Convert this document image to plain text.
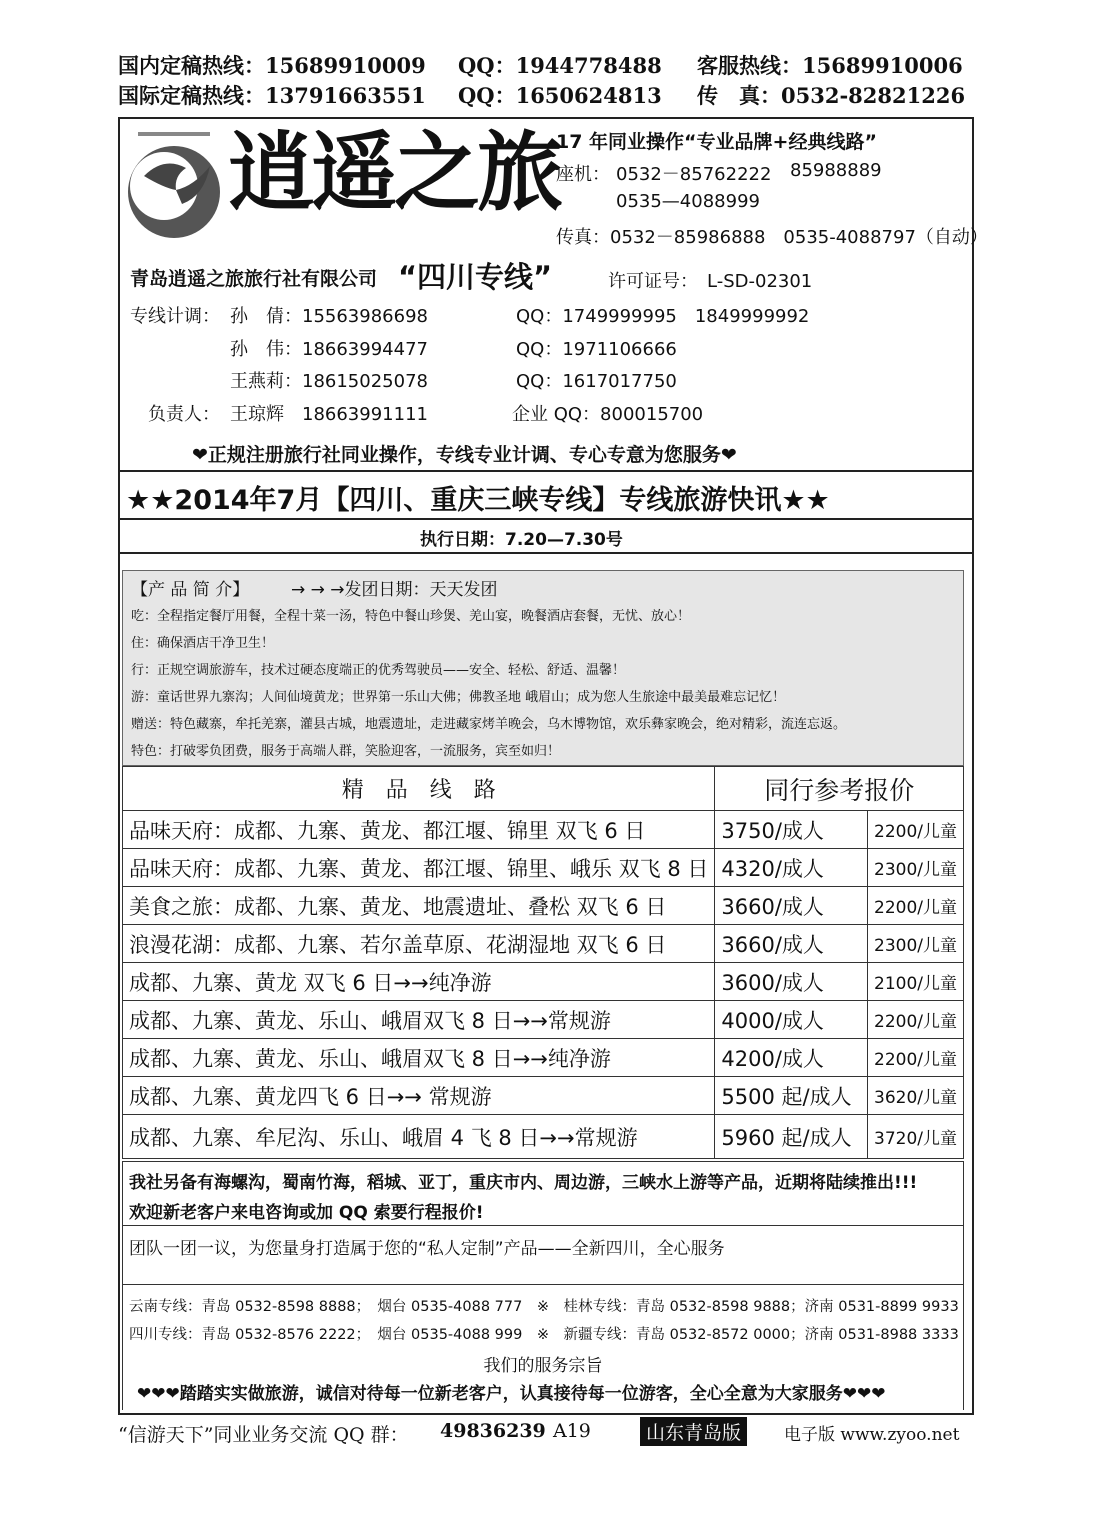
国内定稿热线：15689910009 QQ：1944778488 客服热线：15689910006
国际定稿热线：13791663551 QQ：1650624813 传　真：0532-82821226
逍遥之旅
17 年同业操作“专业品牌+经典线路”
座机： 0532－85762222 85988889
0535—4088999
传真：0532－85986888　0535-4088797（自动）
青岛逍遥之旅旅行社有限公司 “四川专线”	许可证号：　L-SD-02301
专线计调： 孙　倩：15563986698	QQ：1749999995　1849999992
孙　伟：18663994477	QQ：1971106666
王燕莉：18615025078	QQ：1617017750
负责人： 王琼辉　18663991111	企业 QQ：800015700
❤正规注册旅行社同业操作，专线专业计调、专心专意为您服务❤
★★2014年7月【四川、重庆三峡专线】专线旅游快讯★★
执行日期：7.20—7.30号
【产 品 简 介】 → → →发团日期：天天发团
吃：全程指定餐厅用餐，全程十菜一汤，特色中餐山珍煲、羌山宴，晚餐酒店套餐，无忧、放心！
住：确保酒店干净卫生！
行：正规空调旅游车，技术过硬态度端正的优秀驾驶员——安全、轻松、舒适、温馨！
游：童话世界九寨沟；人间仙境黄龙；世界第一乐山大佛；佛教圣地 峨眉山；成为您人生旅途中最美最难忘记忆！
赠送：特色藏寨，牟托羌寨，灌县古城，地震遗址，走进藏家烤羊晚会，乌木博物馆，欢乐彝家晚会，绝对精彩，流连忘返。
特色：打破零负团费，服务于高端人群，笑脸迎客，一流服务，宾至如归！
精　品　线　路	同行参考报价	
品味天府：成都、九寨、黄龙、都江堰、锦里 双飞 6 日	3750/成人	2200/儿童
品味天府：成都、九寨、黄龙、都江堰、锦里、峨乐 双飞 8 日	4320/成人	2300/儿童
美食之旅：成都、九寨、黄龙、地震遗址、叠松 双飞 6 日	3660/成人	2200/儿童
浪漫花湖：成都、九寨、若尔盖草原、花湖湿地 双飞 6 日	3660/成人	2300/儿童
成都、九寨、黄龙 双飞 6 日→→纯净游	3600/成人	2100/儿童
成都、九寨、黄龙、乐山、峨眉双飞 8 日→→常规游	4000/成人	2200/儿童
成都、九寨、黄龙、乐山、峨眉双飞 8 日→→纯净游	4200/成人	2200/儿童
成都、九寨、黄龙四飞 6 日→→ 常规游	5500 起/成人	3620/儿童
成都、九寨、牟尼沟、乐山、峨眉 4 飞 8 日→→常规游	5960 起/成人	3720/儿童
我社另备有海螺沟，蜀南竹海，稻城、亚丁，重庆市内、周边游，三峡水上游等产品，近期将陆续推出!!!
欢迎新老客户来电咨询或加 QQ 索要行程报价!
团队一团一议，为您量身打造属于您的“私人定制”产品——全新四川，全心服务
云南专线：青岛 0532-8598 8888；　烟台 0535-4088 777　※　桂林专线：青岛 0532-8598 9888；济南 0531-8899 9933
四川专线：青岛 0532-8576 2222；　烟台 0535-4088 999　※　新疆专线：青岛 0532-8572 0000；济南 0531-8988 3333
我们的服务宗旨
❤❤❤踏踏实实做旅游，诚信对待每一位新老客户，认真接待每一位游客，全心全意为大家服务❤❤❤
“信游天下”同业业务交流 QQ 群： 49836239 A19	山东青岛版	电子版 www.zyoo.net
